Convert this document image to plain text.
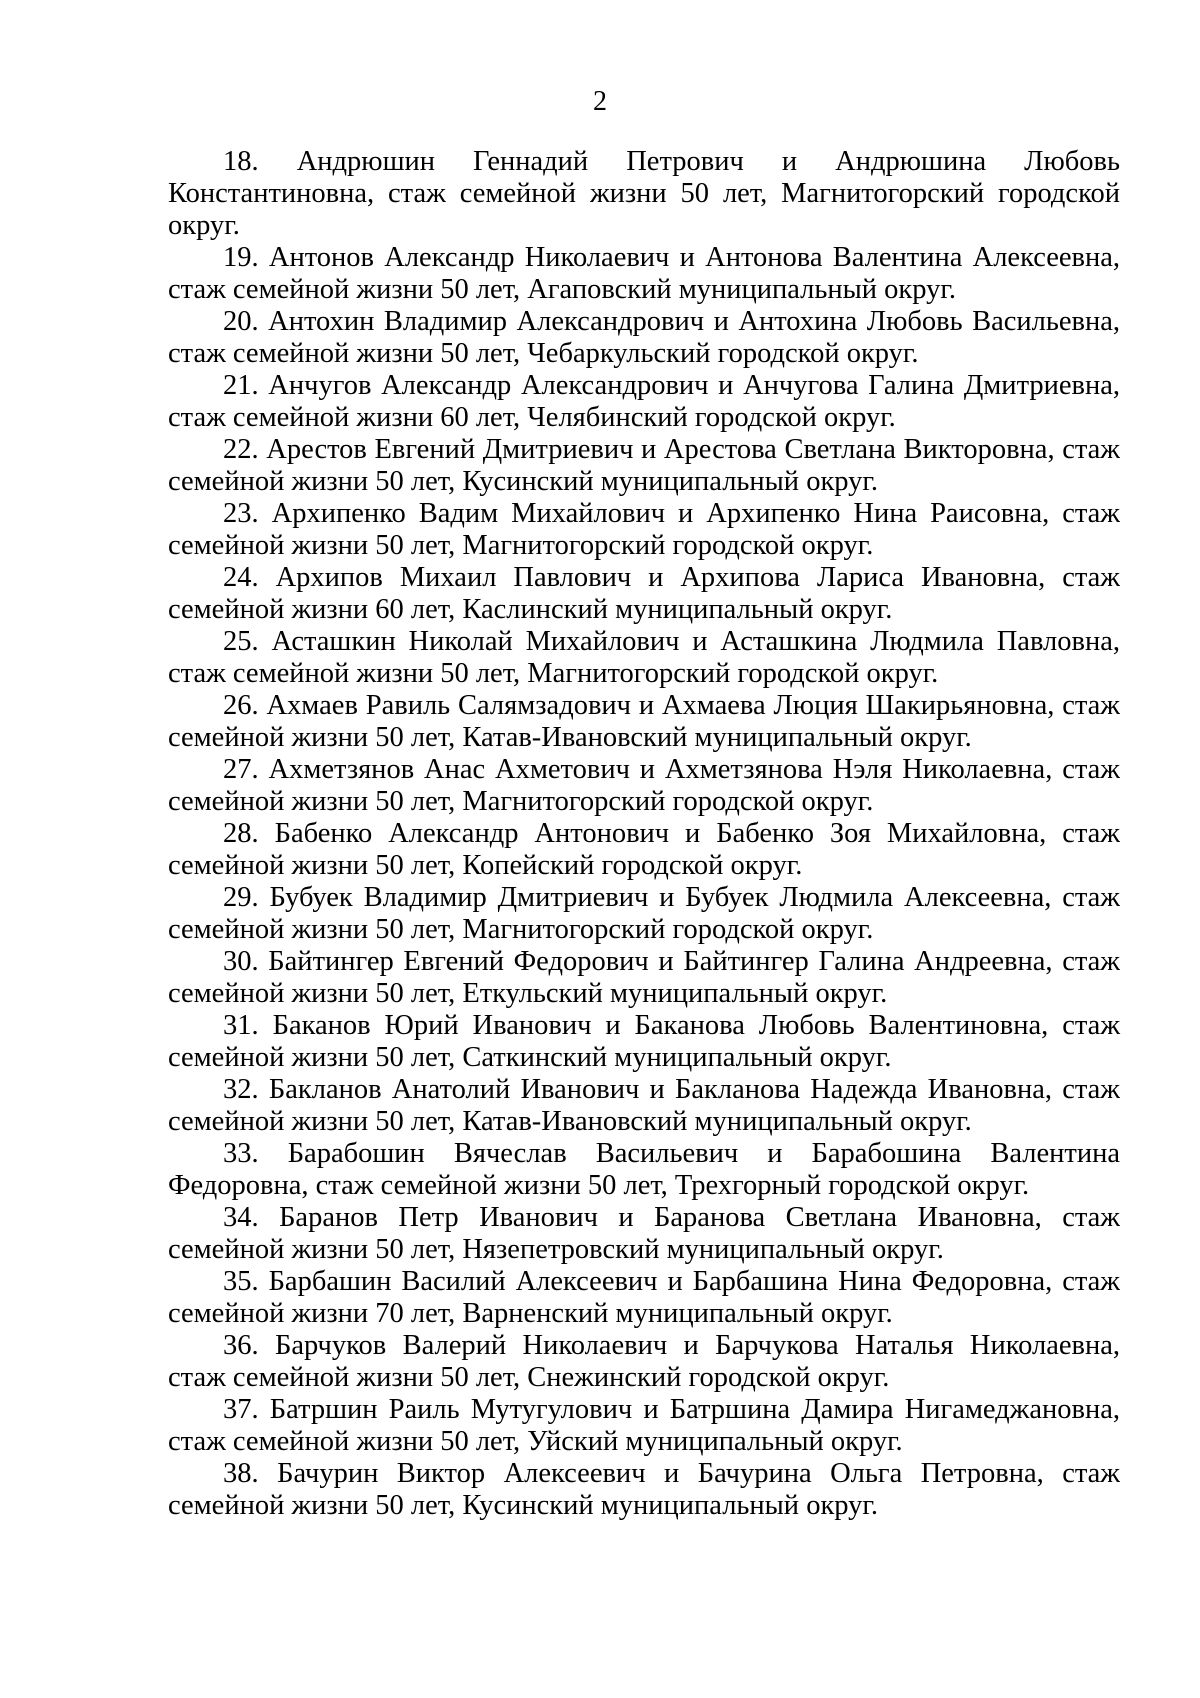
2
18. Андрюшин Геннадий Петрович и Андрюшина Любовь Константиновна, стаж семейной жизни 50 лет, Магнитогорский городской округ.
19. Антонов Александр Николаевич и Антонова Валентина Алексеевна, стаж семейной жизни 50 лет, Агаповский муниципальный округ.
20. Антохин Владимир Александрович и Антохина Любовь Васильевна, стаж семейной жизни 50 лет, Чебаркульский городской округ.
21. Анчугов Александр Александрович и Анчугова Галина Дмитриевна, стаж семейной жизни 60 лет, Челябинский городской округ.
22. Арестов Евгений Дмитриевич и Арестова Светлана Викторовна, стаж семейной жизни 50 лет, Кусинский муниципальный округ.
23. Архипенко Вадим Михайлович и Архипенко Нина Раисовна, стаж семейной жизни 50 лет, Магнитогорский городской округ.
24. Архипов Михаил Павлович и Архипова Лариса Ивановна, стаж семейной жизни 60 лет, Каслинский муниципальный округ.
25. Асташкин Николай Михайлович и Асташкина Людмила Павловна, стаж семейной жизни 50 лет, Магнитогорский городской округ.
26. Ахмаев Равиль Салямзадович и Ахмаева Люция Шакирьяновна, стаж семейной жизни 50 лет, Катав-Ивановский муниципальный округ.
27. Ахметзянов Анас Ахметович и Ахметзянова Нэля Николаевна, стаж семейной жизни 50 лет, Магнитогорский городской округ.
28. Бабенко Александр Антонович и Бабенко Зоя Михайловна, стаж семейной жизни 50 лет, Копейский городской округ.
29. Бубуек Владимир Дмитриевич и Бубуек Людмила Алексеевна, стаж семейной жизни 50 лет, Магнитогорский городской округ.
30. Байтингер Евгений Федорович и Байтингер Галина Андреевна, стаж семейной жизни 50 лет, Еткульский муниципальный округ.
31. Баканов Юрий Иванович и Баканова Любовь Валентиновна, стаж семейной жизни 50 лет, Саткинский муниципальный округ.
32. Бакланов Анатолий Иванович и Бакланова Надежда Ивановна, стаж семейной жизни 50 лет, Катав-Ивановский муниципальный округ.
33. Барабошин Вячеслав Васильевич и Барабошина Валентина Федоровна, стаж семейной жизни 50 лет, Трехгорный городской округ.
34. Баранов Петр Иванович и Баранова Светлана Ивановна, стаж семейной жизни 50 лет, Нязепетровский муниципальный округ.
35. Барбашин Василий Алексеевич и Барбашина Нина Федоровна, стаж семейной жизни 70 лет, Варненский муниципальный округ.
36. Барчуков Валерий Николаевич и Барчукова Наталья Николаевна, стаж семейной жизни 50 лет, Снежинский городской округ.
37. Батршин Раиль Мутугулович и Батршина Дамира Нигамеджановна, стаж семейной жизни 50 лет, Уйский муниципальный округ.
38. Бачурин Виктор Алексеевич и Бачурина Ольга Петровна, стаж семейной жизни 50 лет, Кусинский муниципальный округ.
